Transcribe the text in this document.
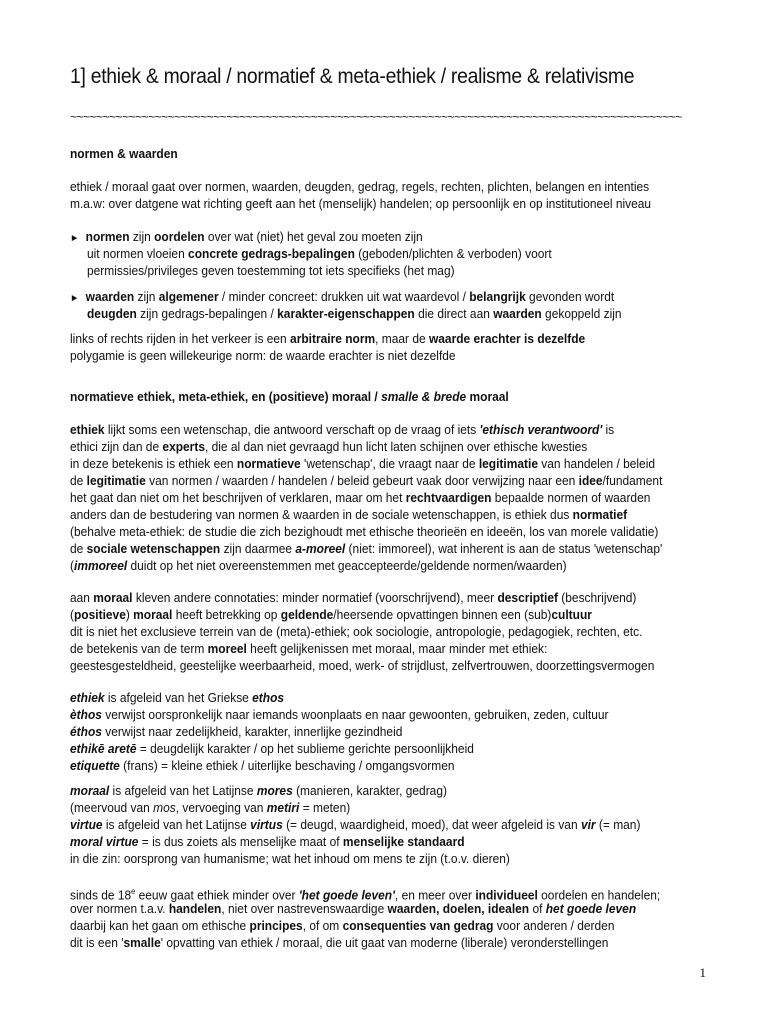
1] ethiek & moraal / normatief & meta-ethiek / realisme & relativisme
~~~~~~~~~~~~~~~~~~~~~~~~~~~~~~~~~~~~~~~~~~~~~~~~~~~~~~~~~~~~~~~~~~~~~~~~~~~~~~~~~~~~~~~~~~~~~~
normen & waarden
ethiek / moraal gaat over normen, waarden, deugden, gedrag, regels, rechten, plichten, belangen en intenties
m.a.w: over datgene wat richting geeft aan het (menselijk) handelen; op persoonlijk en op institutioneel niveau
► normen zijn oordelen over wat (niet) het geval zou moeten zijn
uit normen vloeien concrete gedrags-bepalingen (geboden/plichten & verboden) voort
permissies/privileges geven toestemming tot iets specifieks (het mag)
► waarden zijn algemener / minder concreet: drukken uit wat waardevol / belangrijk gevonden wordt
deugden zijn gedrags-bepalingen / karakter-eigenschappen die direct aan waarden gekoppeld zijn
links of rechts rijden in het verkeer is een arbitraire norm, maar de waarde erachter is dezelfde
polygamie is geen willekeurige norm: de waarde erachter is niet dezelfde
normatieve ethiek, meta-ethiek, en (positieve) moraal / smalle & brede moraal
ethiek lijkt soms een wetenschap, die antwoord verschaft op de vraag of iets 'ethisch verantwoord' is
ethici zijn dan de experts, die al dan niet gevraagd hun licht laten schijnen over ethische kwesties
in deze betekenis is ethiek een normatieve 'wetenschap', die vraagt naar de legitimatie van handelen / beleid
de legitimatie van normen / waarden / handelen / beleid gebeurt vaak door verwijzing naar een idee/fundament
het gaat dan niet om het beschrijven of verklaren, maar om het rechtvaardigen bepaalde normen of waarden
anders dan de bestudering van normen & waarden in de sociale wetenschappen, is ethiek dus normatief
(behalve meta-ethiek: de studie die zich bezighoudt met ethische theorieën en ideeën, los van morele validatie)
de sociale wetenschappen zijn daarmee a-moreel (niet: immoreel), wat inherent is aan de status 'wetenschap'
(immoreel duidt op het niet overeenstemmen met geaccepteerde/geldende normen/waarden)
aan moraal kleven andere connotaties: minder normatief (voorschrijvend), meer descriptief (beschrijvend)
(positieve) moraal heeft betrekking op geldende/heersende opvattingen binnen een (sub)cultuur
dit is niet het exclusieve terrein van de (meta)-ethiek; ook sociologie, antropologie, pedagogiek, rechten, etc.
de betekenis van de term moreel heeft gelijkenissen met moraal, maar minder met ethiek:
geestesgesteldheid, geestelijke weerbaarheid, moed, werk- of strijdlust, zelfvertrouwen, doorzettingsvermogen
ethiek is afgeleid van het Griekse ethos
èthos verwijst oorspronkelijk naar iemands woonplaats en naar gewoonten, gebruiken, zeden, cultuur
éthos verwijst naar zedelijkheid, karakter, innerlijke gezindheid
ethikē aretē = deugdelijk karakter / op het sublieme gerichte persoonlijkheid
etiquette (frans) = kleine ethiek / uiterlijke beschaving / omgangsvormen
moraal is afgeleid van het Latijnse mores (manieren, karakter, gedrag)
(meervoud van mos, vervoeging van metiri = meten)
virtue is afgeleid van het Latijnse virtus (= deugd, waardigheid, moed), dat weer afgeleid is van vir (= man)
moral virtue = is dus zoiets als menselijke maat of menselijke standaard
in die zin: oorsprong van humanisme; wat het inhoud om mens te zijn (t.o.v. dieren)
sinds de 18e eeuw gaat ethiek minder over 'het goede leven', en meer over individueel oordelen en handelen;
over normen t.a.v. handelen, niet over nastrevenswaardige waarden, doelen, idealen of het goede leven
daarbij kan het gaan om ethische principes, of om consequenties van gedrag voor anderen / derden
dit is een 'smalle' opvatting van ethiek / moraal, die uit gaat van moderne (liberale) veronderstellingen
1
